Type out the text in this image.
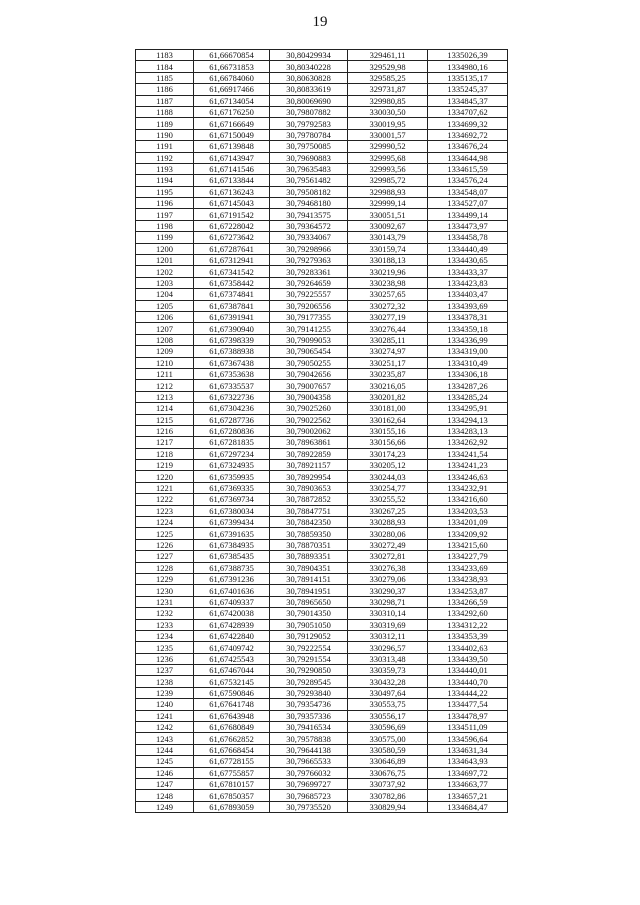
19
1183	61,66670854	30,80429934	329461,11	1335026,39
1184	61,66731853	30,80340228	329529,98	1334980,16
1185	61,66784060	30,80630828	329585,25	1335135,17
1186	61,66917466	30,80833619	329731,87	1335245,37
1187	61,67134054	30,80069690	329980,85	1334845,37
1188	61,67176250	30,79807882	330030,50	1334707,62
1189	61,67166649	30,79792583	330019,95	1334699,32
1190	61,67150049	30,79780784	330001,57	1334692,72
1191	61,67139848	30,79750085	329990,52	1334676,24
1192	61,67143947	30,79690883	329995,68	1334644,98
1193	61,67141546	30,79635483	329993,56	1334615,59
1194	61,67133844	30,79561482	329985,72	1334576,24
1195	61,67136243	30,79508182	329988,93	1334548,07
1196	61,67145043	30,79468180	329999,14	1334527,07
1197	61,67191542	30,79413575	330051,51	1334499,14
1198	61,67228042	30,79364572	330092,67	1334473,97
1199	61,67273642	30,79334067	330143,79	1334458,78
1200	61,67287641	30,79298966	330159,74	1334440,49
1201	61,67312941	30,79279363	330188,13	1334430,65
1202	61,67341542	30,79283361	330219,96	1334433,37
1203	61,67358442	30,79264659	330238,98	1334423,83
1204	61,67374841	30,79225557	330257,65	1334403,47
1205	61,67387841	30,79206556	330272,32	1334393,69
1206	61,67391941	30,79177355	330277,19	1334378,31
1207	61,67390940	30,79141255	330276,44	1334359,18
1208	61,67398339	30,79099053	330285,11	1334336,99
1209	61,67388938	30,79065454	330274,97	1334319,00
1210	61,67367438	30,79050255	330251,17	1334310,49
1211	61,67353638	30,79042656	330235,87	1334306,18
1212	61,67335537	30,79007657	330216,05	1334287,26
1213	61,67322736	30,79004358	330201,82	1334285,24
1214	61,67304236	30,79025260	330181,00	1334295,91
1215	61,67287736	30,79022562	330162,64	1334294,13
1216	61,67280836	30,79002062	330155,16	1334283,13
1217	61,67281835	30,78963861	330156,66	1334262,92
1218	61,67297234	30,78922859	330174,23	1334241,54
1219	61,67324935	30,78921157	330205,12	1334241,23
1220	61,67359935	30,78929954	330244,03	1334246,63
1221	61,67369335	30,78903653	330254,77	1334232,91
1222	61,67369734	30,78872852	330255,52	1334216,60
1223	61,67380034	30,78847751	330267,25	1334203,53
1224	61,67399434	30,78842350	330288,93	1334201,09
1225	61,67391635	30,78859350	330280,06	1334209,92
1226	61,67384935	30,78870351	330272,49	1334215,60
1227	61,67385435	30,78893351	330272,81	1334227,79
1228	61,67388735	30,78904351	330276,38	1334233,69
1229	61,67391236	30,78914151	330279,06	1334238,93
1230	61,67401636	30,78941951	330290,37	1334253,87
1231	61,67409337	30,78965650	330298,71	1334266,59
1232	61,67420038	30,79014350	330310,14	1334292,60
1233	61,67428939	30,79051050	330319,69	1334312,22
1234	61,67422840	30,79129052	330312,11	1334353,39
1235	61,67409742	30,79222554	330296,57	1334402,63
1236	61,67425543	30,79291554	330313,48	1334439,50
1237	61,67467044	30,79290850	330359,73	1334440,01
1238	61,67532145	30,79289545	330432,28	1334440,70
1239	61,67590846	30,79293840	330497,64	1334444,22
1240	61,67641748	30,79354736	330553,75	1334477,54
1241	61,67643948	30,79357336	330556,17	1334478,97
1242	61,67680849	30,79416534	330596,69	1334511,09
1243	61,67662852	30,79578838	330575,00	1334596,64
1244	61,67668454	30,79644138	330580,59	1334631,34
1245	61,67728155	30,79665533	330646,89	1334643,93
1246	61,67755857	30,79766032	330676,75	1334697,72
1247	61,67810157	30,79699727	330737,92	1334663,77
1248	61,67850357	30,79685723	330782,86	1334657,21
1249	61,67893059	30,79735520	330829,94	1334684,47
